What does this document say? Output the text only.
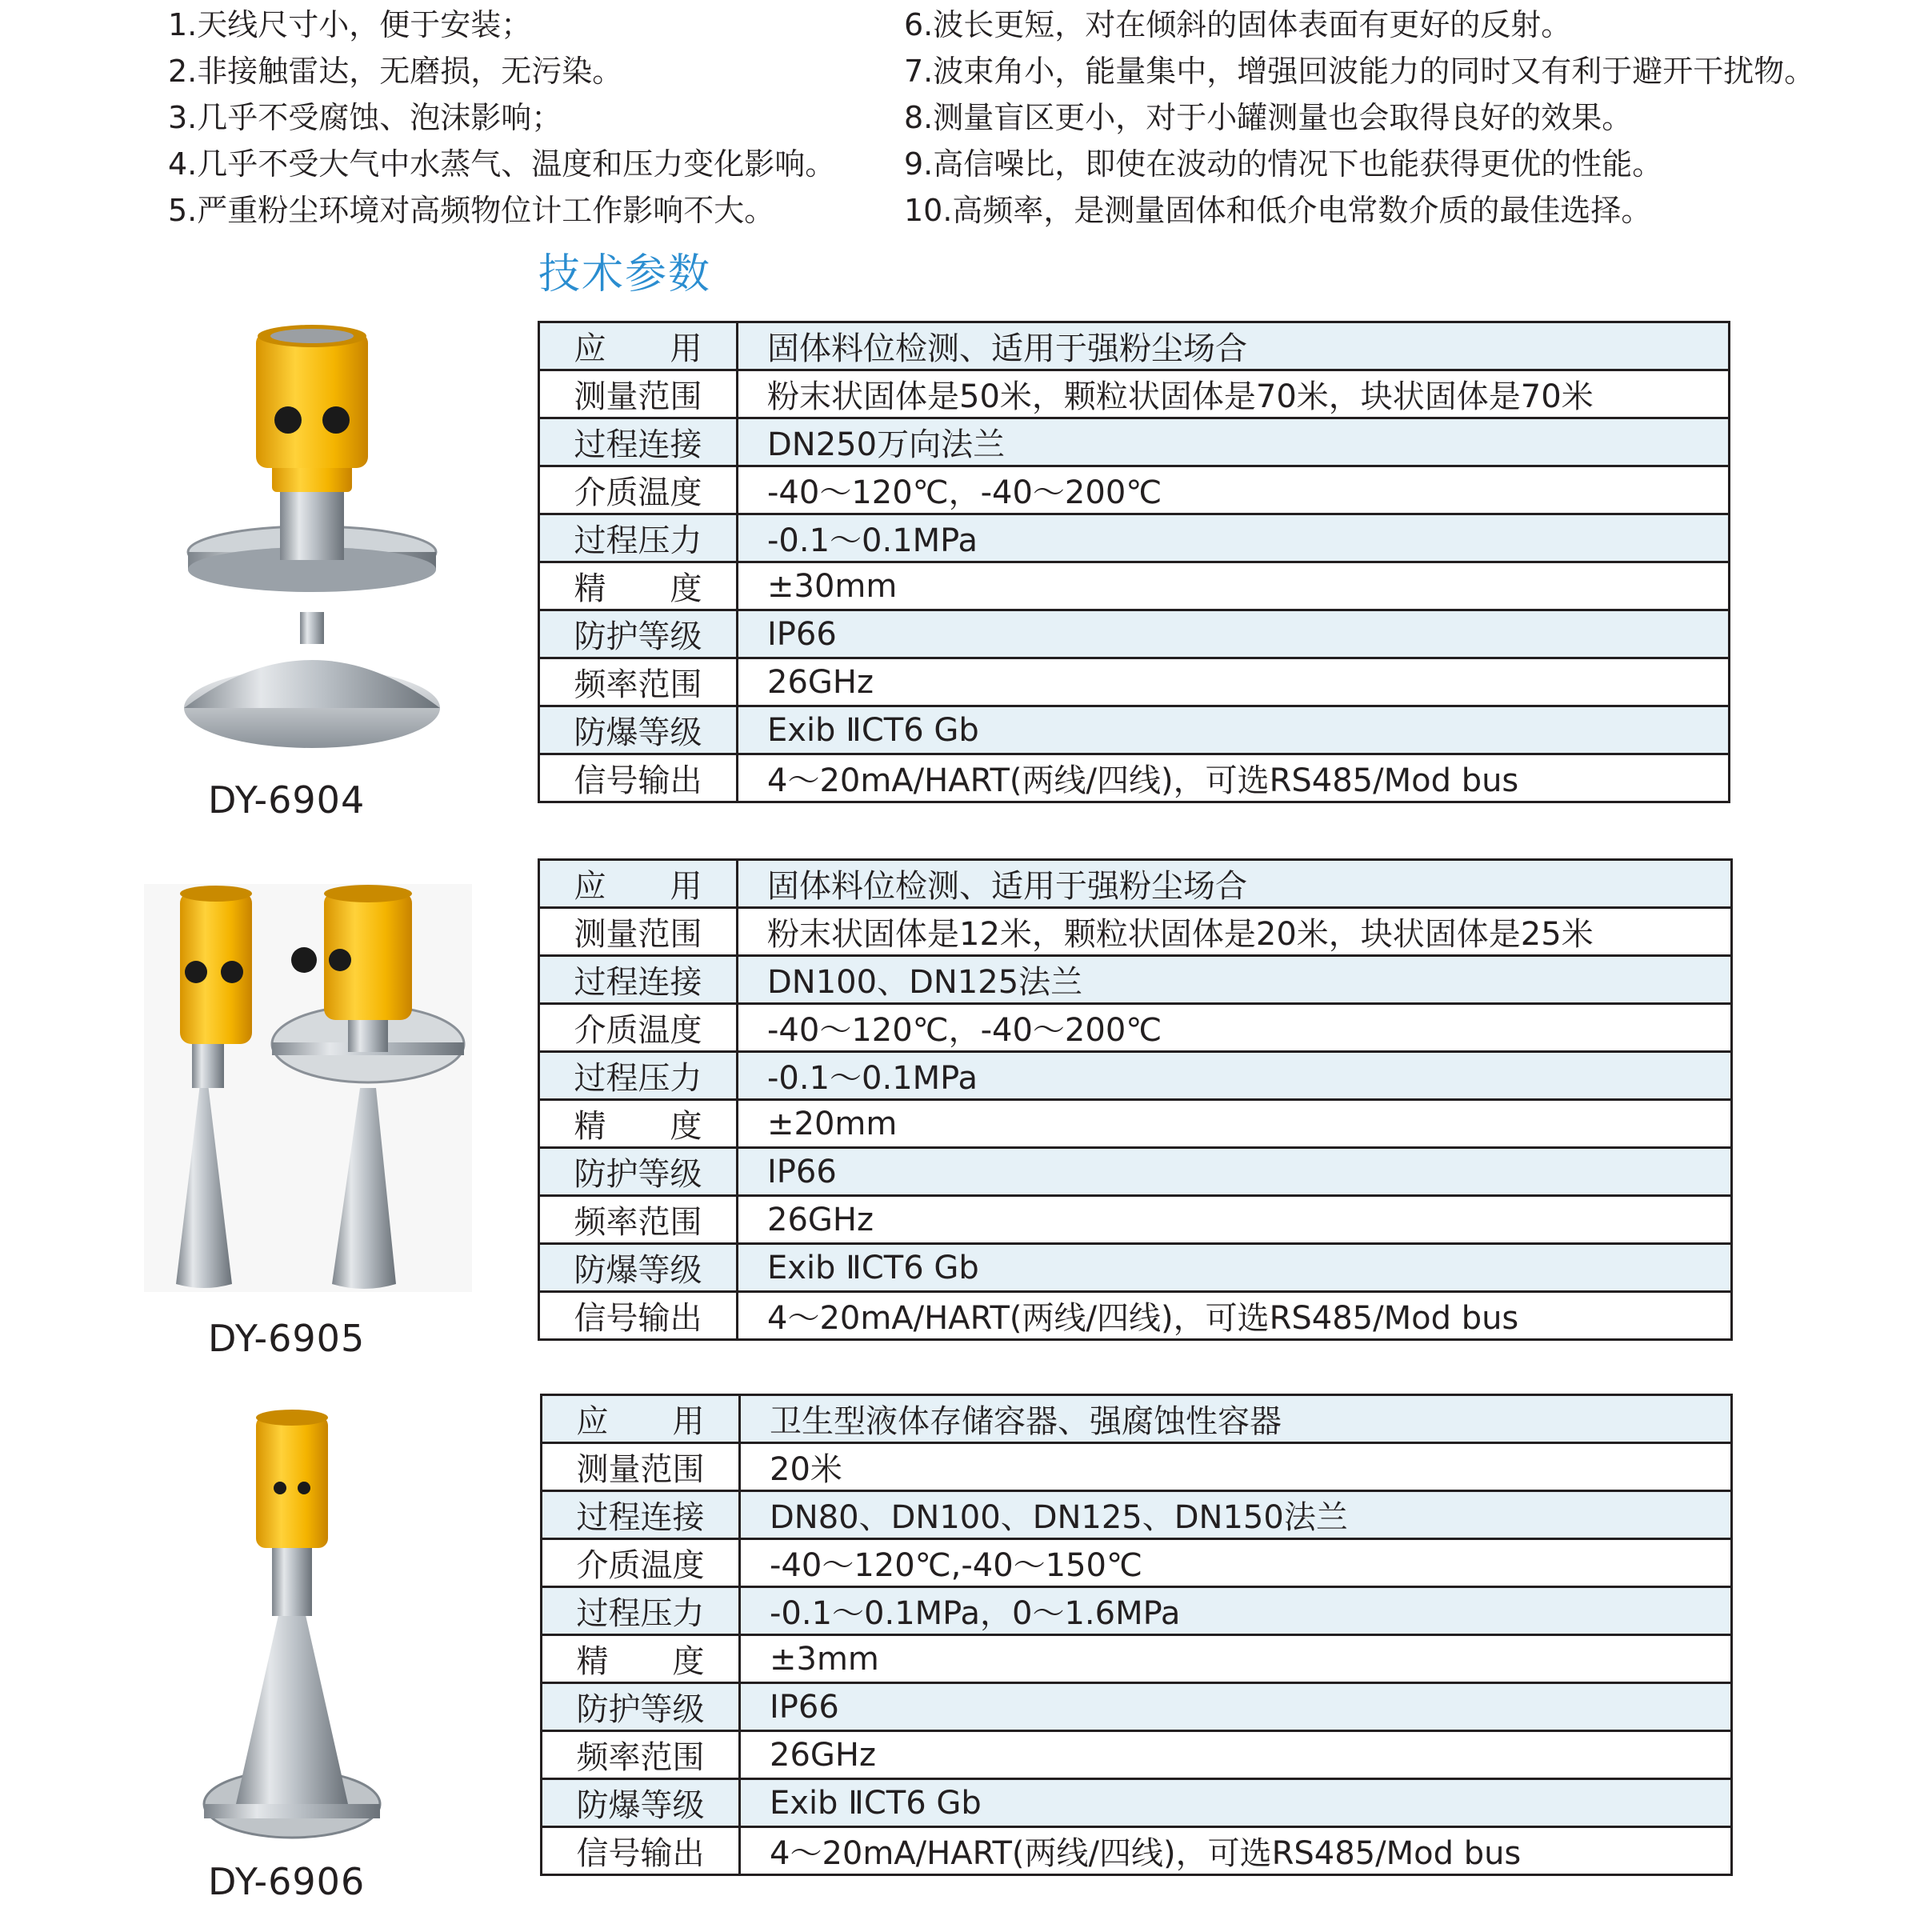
1.天线尺寸小，便于安装；
2.非接触雷达，无磨损，无污染。
3.几乎不受腐蚀、泡沫影响；
4.几乎不受大气中水蒸气、温度和压力变化影响。
5.严重粉尘环境对高频物位计工作影响不大。
6.波长更短，对在倾斜的固体表面有更好的反射。
7.波束角小，能量集中，增强回波能力的同时又有利于避开干扰物。
8.测量盲区更小，对于小罐测量也会取得良好的效果。
9.高信噪比，即使在波动的情况下也能获得更优的性能。
10.高频率，是测量固体和低介电常数介质的最佳选择。
技术参数
DY-6904
DY-6905
DY-6906
应　　用	固体料位检测、适用于强粉尘场合
测量范围	粉末状固体是50米，颗粒状固体是70米，块状固体是70米
过程连接	DN250万向法兰
介质温度	-40～120℃，-40～200℃
过程压力	-0.1～0.1MPa
精　　度	±30mm
防护等级	IP66
频率范围	26GHz
防爆等级	Exib ⅡCT6 Gb
信号输出	4～20mA/HART(两线/四线)，可选RS485/Mod bus
应　　用	固体料位检测、适用于强粉尘场合
测量范围	粉末状固体是12米，颗粒状固体是20米，块状固体是25米
过程连接	DN100、DN125法兰
介质温度	-40～120℃，-40～200℃
过程压力	-0.1～0.1MPa
精　　度	±20mm
防护等级	IP66
频率范围	26GHz
防爆等级	Exib ⅡCT6 Gb
信号输出	4～20mA/HART(两线/四线)，可选RS485/Mod bus
应　　用	卫生型液体存储容器、强腐蚀性容器
测量范围	20米
过程连接	DN80、DN100、DN125、DN150法兰
介质温度	-40～120℃,-40～150℃
过程压力	-0.1～0.1MPa，0～1.6MPa
精　　度	±3mm
防护等级	IP66
频率范围	26GHz
防爆等级	Exib ⅡCT6 Gb
信号输出	4～20mA/HART(两线/四线)，可选RS485/Mod bus
